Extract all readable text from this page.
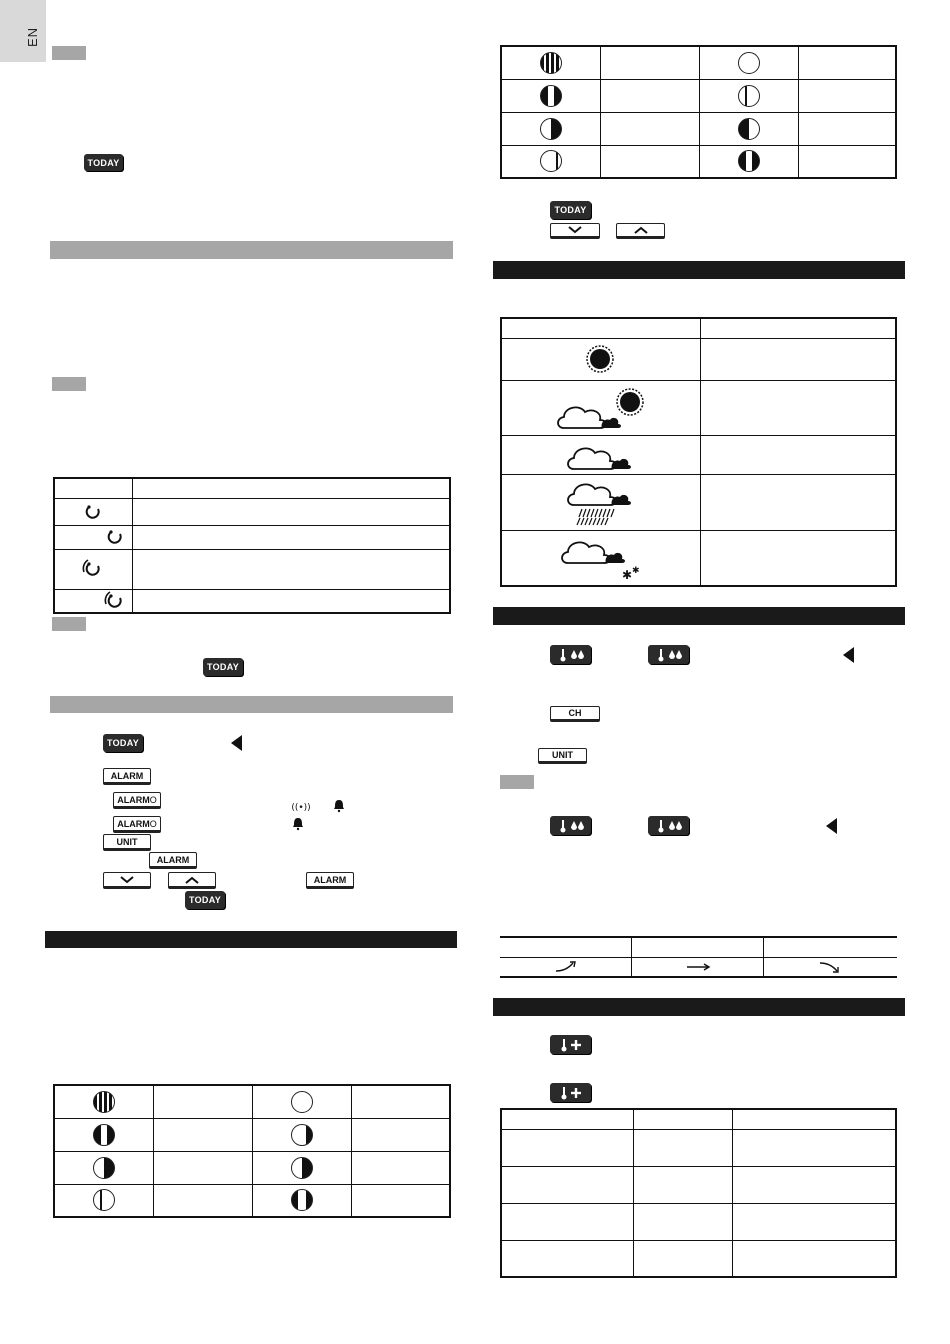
EN
TODAY

TODAY
TODAY
ALARM
ALARM O
((•))
ALARM O
UNIT
ALARM
ALARM
TODAY

TODAY

✱ ✱	

CH
UNIT
